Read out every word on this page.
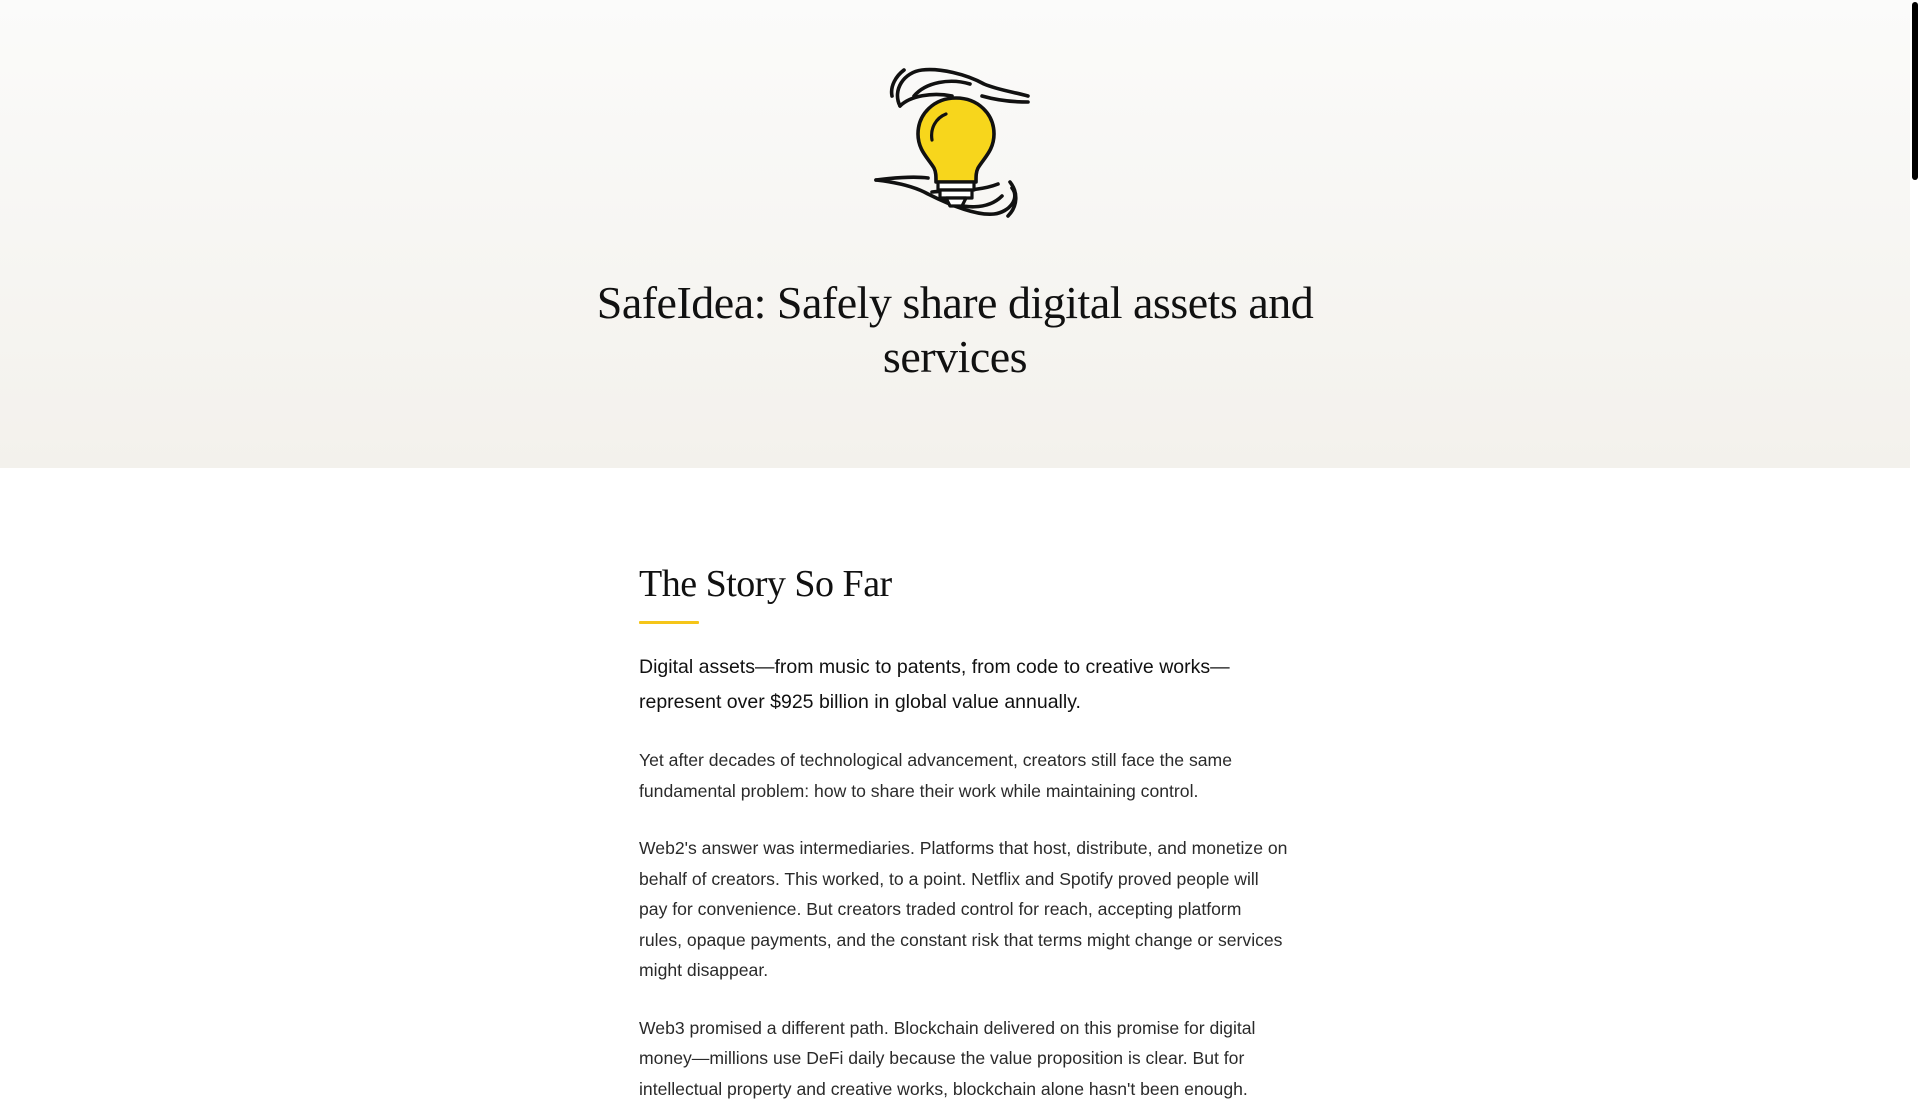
SafeIdea: Safely share digital assets and services
The Story So Far

Digital assets—from music to patents, from code to creative works—represent over $925 billion in global value annually.

Yet after decades of technological advancement, creators still face the same fundamental problem: how to share their work while maintaining control.

Web2's answer was intermediaries. Platforms that host, distribute, and monetize on behalf of creators. This worked, to a point. Netflix and Spotify proved people will pay for convenience. But creators traded control for reach, accepting platform rules, opaque payments, and the constant risk that terms might change or services might disappear.

Web3 promised a different path. Blockchain delivered on this promise for digital money—millions use DeFi daily because the value proposition is clear. But for intellectual property and creative works, blockchain alone hasn't been enough.
